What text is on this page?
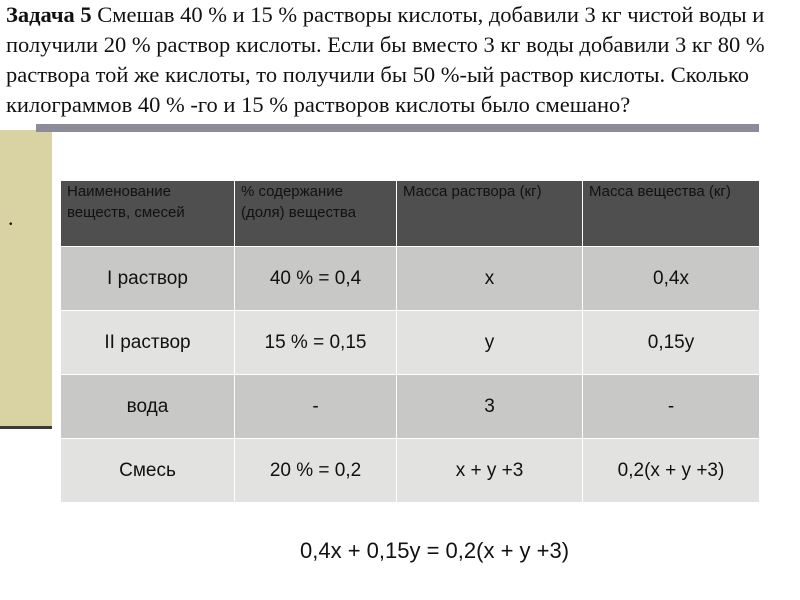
Задача 5 Смешав 40 % и 15 % растворы кислоты, добавили 3 кг чистой воды и получили 20 % раствор кислоты. Если бы вместо 3 кг воды добавили 3 кг 80 % раствора той же кислоты, то получили бы 50 %-ый раствор кислоты. Сколько килограммов 40 % -го и 15 % растворов кислоты было смешано?
.
Наименование веществ, смесей	% содержание (доля) вещества	Масса раствора (кг)	Масса вещества (кг)
I раствор	40 % = 0,4	x	0,4x
II раствор	15 % = 0,15	y	0,15y
вода	-	3	-
Смесь	20 % = 0,2	x + y +3	0,2(x + y +3)
0,4x + 0,15y = 0,2(x + y +3)
